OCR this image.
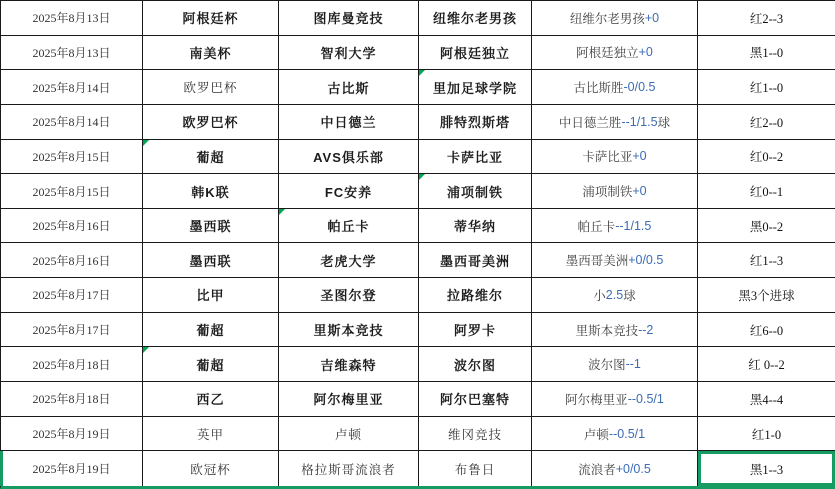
2025年8月13日	阿根廷杯	图库曼竞技	纽维尔老男孩	纽维尔老男孩 +0	红2--3
2025年8月13日	南美杯	智利大学	阿根廷独立	阿根廷独立 +0	黑1--0
2025年8月14日	欧罗巴杯	古比斯	里加足球学院	古比斯胜 -0/0.5	红1--0
2025年8月14日	欧罗巴杯	中日德兰	腓特烈斯塔	中日德兰胜 --1/1.5 球	红2--0
2025年8月15日	葡超	AVS俱乐部	卡萨比亚	卡萨比亚 +0	红0--2
2025年8月15日	韩K联	FC安养	浦项制铁	浦项制铁 +0	红0--1
2025年8月16日	墨西联	帕丘卡	蒂华纳	帕丘卡 --1/1.5	黑0--2
2025年8月16日	墨西联	老虎大学	墨西哥美洲	墨西哥美洲 +0/0.5	红1--3
2025年8月17日	比甲	圣图尔登	拉路维尔	小 2.5 球	黑3个进球
2025年8月17日	葡超	里斯本竞技	阿罗卡	里斯本竞技 --2	红6--0
2025年8月18日	葡超	吉维森特	波尔图	波尔图 --1	红 0--2
2025年8月18日	西乙	阿尔梅里亚	阿尔巴塞特	阿尔梅里亚 --0.5/1	黑4--4
2025年8月19日	英甲	卢顿	维冈竞技	卢顿 --0.5/1	红1-0
2025年8月19日	欧冠杯	格拉斯哥流浪者	布鲁日	流浪者 +0/0.5	黑1--3
